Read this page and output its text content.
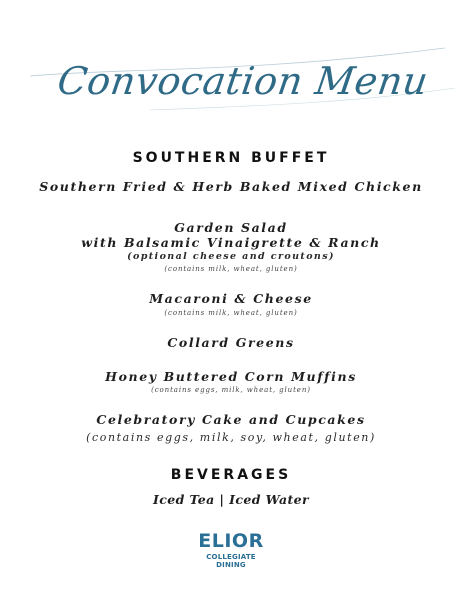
Convocation Menu
SOUTHERN BUFFET
Southern Fried & Herb Baked Mixed Chicken
Garden Salad
with Balsamic Vinaigrette & Ranch
(optional cheese and croutons)
(contains milk, wheat, gluten)
Macaroni & Cheese
(contains milk, wheat, gluten)
Collard Greens
Honey Buttered Corn Muffins
(contains eggs, milk, wheat, gluten)
Celebratory Cake and Cupcakes
(contains eggs, milk, soy, wheat, gluten)
BEVERAGES
Iced Tea | Iced Water
ELIOR
COLLEGIATE
DINING
